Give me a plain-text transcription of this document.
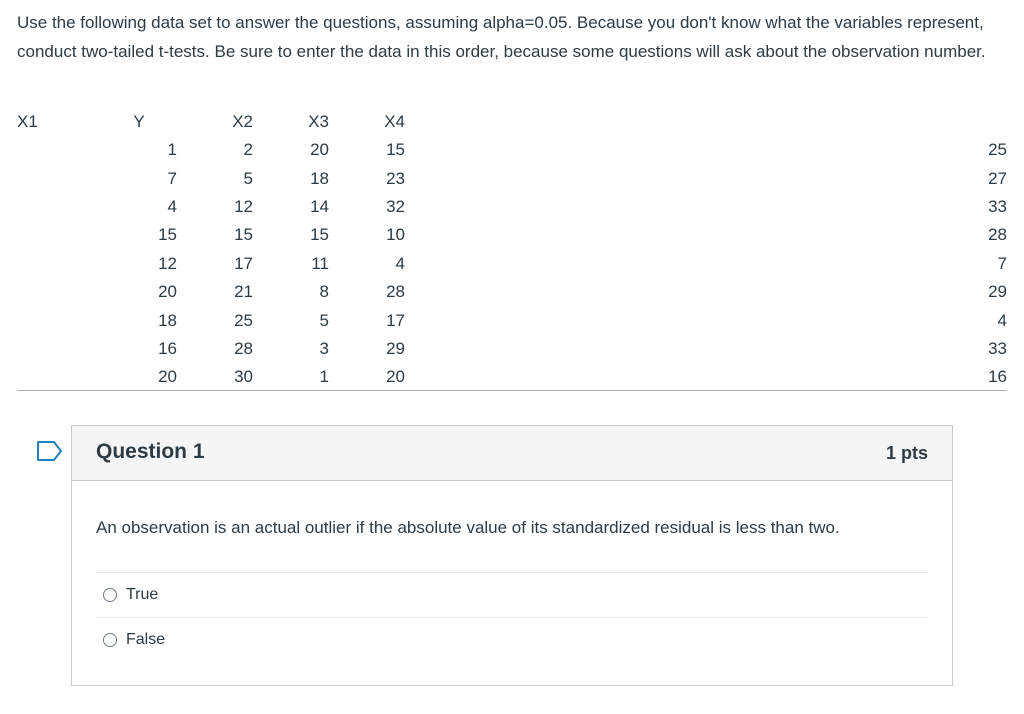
Use the following data set to answer the questions, assuming alpha=0.05. Because you don't know what the variables represent, conduct two-tailed t-tests. Be sure to enter the data in this order, because some questions will ask about the observation number.

X1	Y	X2	X3	X4		
	1	2	20	15	25	
	7	5	18	23	27	
	4	12	14	32	33	
	15	15	15	10	28	
	12	17	11	4	7	
	20	21	8	28	29	
	18	25	5	17	4	
	16	28	3	29	33	
	20	30	1	20	16	
Question 1	1 pts
An observation is an actual outlier if the absolute value of its standardized residual is less than two.
True
False
